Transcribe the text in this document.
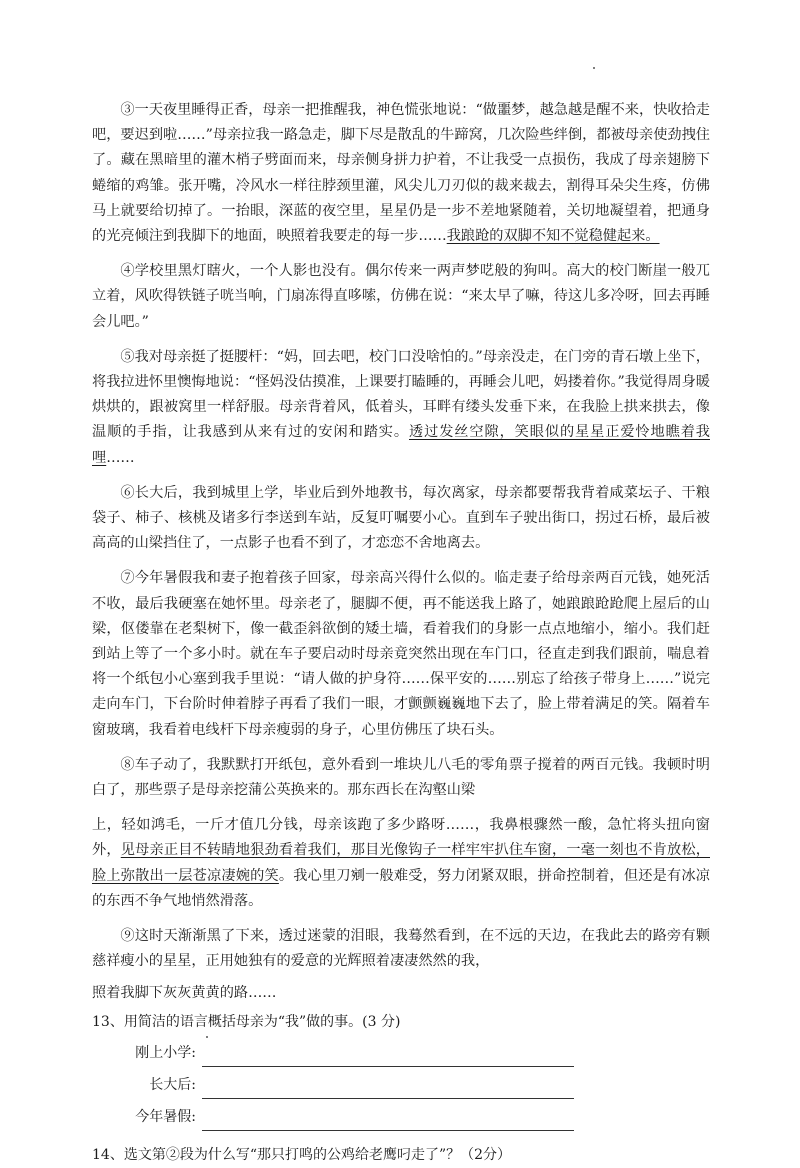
③一天夜里睡得正香，母亲一把推醒我，神色慌张地说：“做噩梦，越急越是醒不来，快收拾走吧，要迟到啦……”母亲拉我一路急走，脚下尽是散乱的牛蹄窝，几次险些绊倒，都被母亲使劲拽住了。藏在黑暗里的灌木梢子劈面而来，母亲侧身拼力护着，不让我受一点损伤，我成了母亲翅膀下蜷缩的鸡雏。张开嘴，冷风水一样往脖颈里灌，风尖儿刀刃似的裁来裁去，割得耳朵尖生疼，仿佛马上就要给切掉了。一抬眼，深蓝的夜空里，星星仍是一步不差地紧随着，关切地凝望着，把通身的光亮倾注到我脚下的地面，映照着我要走的每一步……我踉跄的双脚不知不觉稳健起来。

④学校里黑灯瞎火，一个人影也没有。偶尔传来一两声梦呓般的狗叫。高大的校门断崖一般兀立着，风吹得铁链子咣当响，门扇冻得直哆嗦，仿佛在说：“来太早了嘛，待这儿多冷呀，回去再睡会儿吧。”

⑤我对母亲挺了挺腰杆：“妈，回去吧，校门口没啥怕的。”母亲没走，在门旁的青石墩上坐下，将我拉进怀里懊悔地说：“怪妈没估摸准，上课要打瞌睡的，再睡会儿吧，妈搂着你。”我觉得周身暖烘烘的，跟被窝里一样舒服。母亲背着风，低着头，耳畔有缕头发垂下来，在我脸上拱来拱去，像温顺的手指，让我感到从来有过的安闲和踏实。透过发丝空隙，笑眼似的星星正爱怜地瞧着我哩……

⑥长大后，我到城里上学，毕业后到外地教书，每次离家，母亲都要帮我背着咸菜坛子、干粮袋子、柿子、核桃及诸多行李送到车站，反复叮嘱要小心。直到车子驶出街口，拐过石桥，最后被高高的山梁挡住了，一点影子也看不到了，才恋恋不舍地离去。

⑦今年暑假我和妻子抱着孩子回家，母亲高兴得什么似的。临走妻子给母亲两百元钱，她死活不收，最后我硬塞在她怀里。母亲老了，腿脚不便，再不能送我上路了，她踉踉跄跄爬上屋后的山梁，伛偻靠在老梨树下，像一截歪斜欲倒的矮土墙，看着我们的身影一点点地缩小，缩小。我们赶到站上等了一个多小时。就在车子要启动时母亲竟突然出现在车门口，径直走到我们跟前，喘息着将一个纸包小心塞到我手里说：“请人做的护身符……保平安的……别忘了给孩子带身上……”说完走向车门，下台阶时伸着脖子再看了我们一眼，才颤颤巍巍地下去了，脸上带着满足的笑。隔着车窗玻璃，我看着电线杆下母亲瘦弱的身子，心里仿佛压了块石头。

⑧车子动了，我默默打开纸包，意外看到一堆块儿八毛的零角票子搅着的两百元钱。我顿时明白了，那些票子是母亲挖蒲公英换来的。那东西长在沟壑山梁

上，轻如鸿毛，一斤才值几分钱，母亲该跑了多少路呀……，我鼻根骤然一酸，急忙将头扭向窗外，见母亲正目不转睛地狠劲看着我们，那目光像钩子一样牢牢扒住车窗，一毫一刻也不肯放松，脸上弥散出一层苍凉凄婉的笑。我心里刀剜一般难受，努力闭紧双眼，拼命控制着，但还是有冰凉的东西不争气地悄然滑落。

⑨这时天渐渐黑了下来，透过迷蒙的泪眼，我蓦然看到，在不远的天边，在我此去的路旁有颗慈祥瘦小的星星，正用她独有的爱意的光辉照着凄凄然然的我，

照着我脚下灰灰黄黄的路……

13、用简洁的语言概括母亲为“我”做的事。(3 分)

刚上小学:
长大后:
今年暑假:

14、选文第②段为什么写“那只打鸣的公鸡给老鹰叼走了”？（2分）
